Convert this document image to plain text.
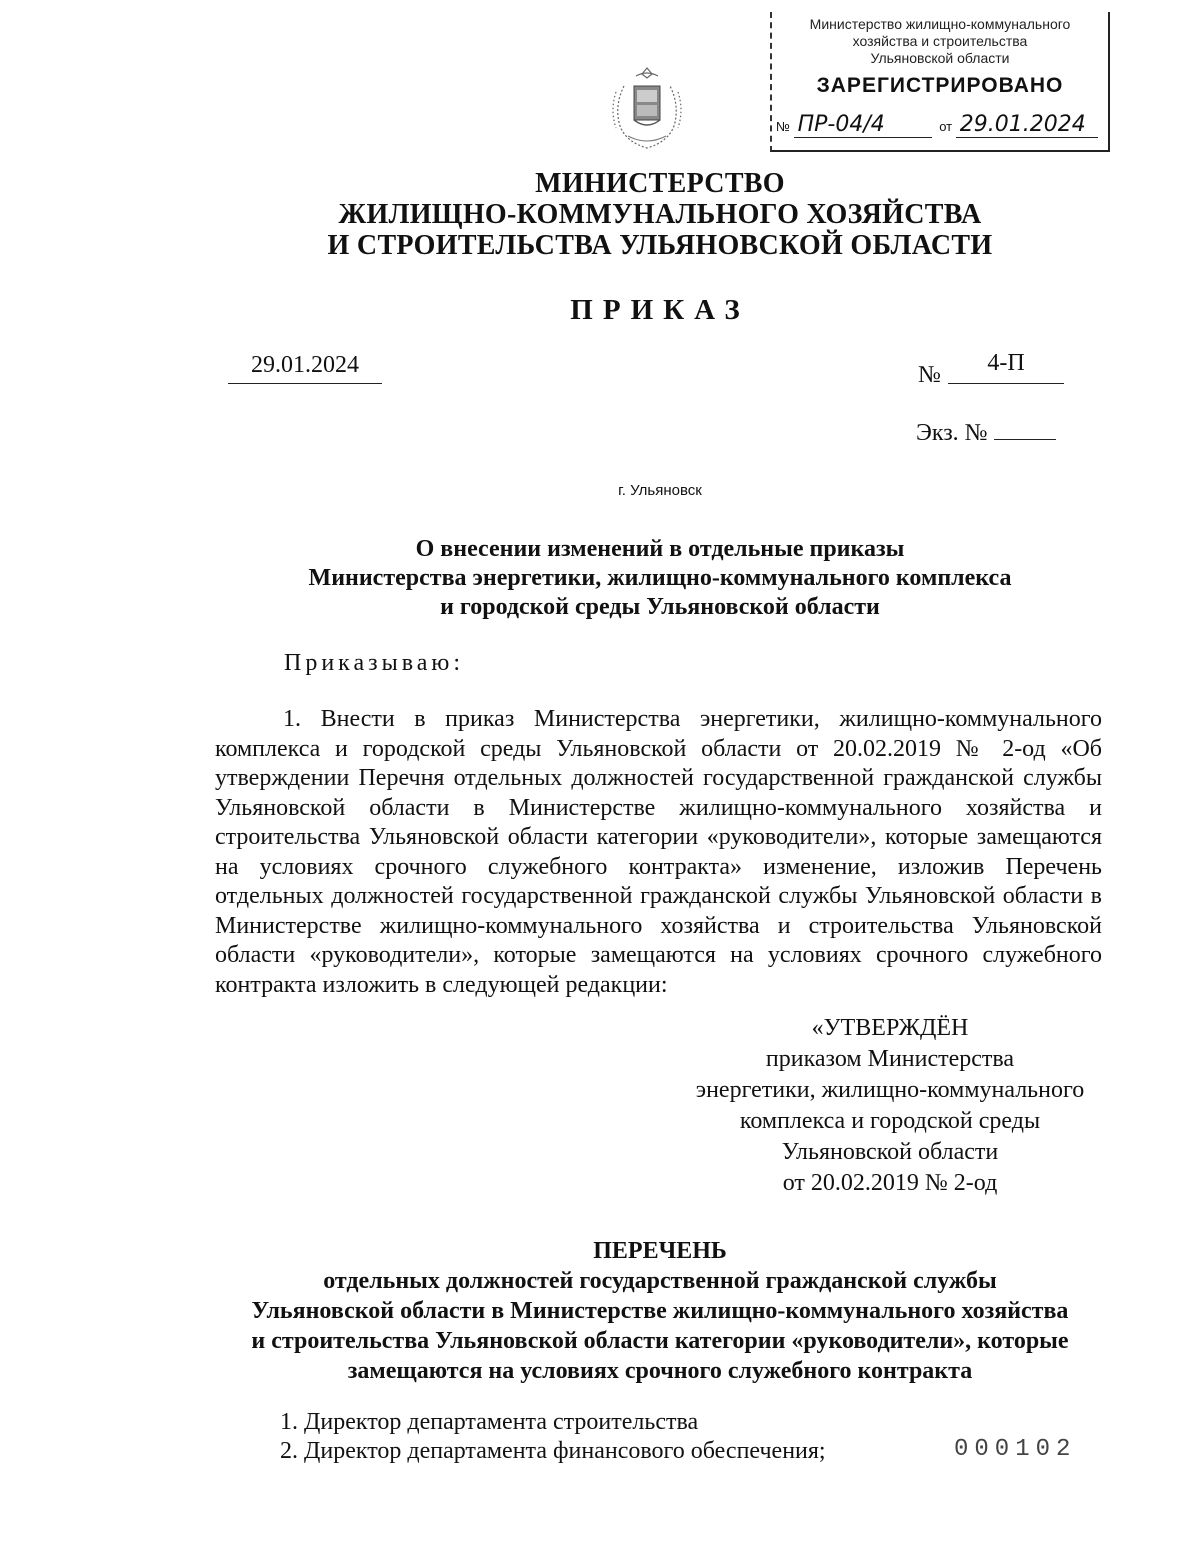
Министерство жилищно-коммунального
хозяйства и строительства
Ульяновской области
ЗАРЕГИСТРИРОВАНО
№ ПР-04/4	от 29.01.2024
МИНИСТЕРСТВО
ЖИЛИЩНО-КОММУНАЛЬНОГО ХОЗЯЙСТВА
И СТРОИТЕЛЬСТВА УЛЬЯНОВСКОЙ ОБЛАСТИ
ПРИКАЗ
29.01.2024	№	4-П
Экз. №
г. Ульяновск
О внесении изменений в отдельные приказы
Министерства энергетики, жилищно-коммунального комплекса
и городской среды Ульяновской области
Приказываю:

1. Внести в приказ Министерства энергетики, жилищно-коммунального комплекса и городской среды Ульяновской области от 20.02.2019 № 2-од «Об утверждении Перечня отдельных должностей государственной гражданской службы Ульяновской области в Министерстве жилищно-коммунального хозяйства и строительства Ульяновской области категории «руководители», которые замещаются на условиях срочного служебного контракта» изменение, изложив Перечень отдельных должностей государственной гражданской службы Ульяновской области в Министерстве жилищно-коммунального хозяйства и строительства Ульяновской области «руководители», которые замещаются на условиях срочного служебного контракта изложить в следующей редакции:

«УТВЕРЖДЁН
приказом Министерства
энергетики, жилищно-коммунального
комплекса и городской среды
Ульяновской области
от 20.02.2019 № 2-од
ПЕРЕЧЕНЬ
отдельных должностей государственной гражданской службы
Ульяновской области в Министерстве жилищно-коммунального хозяйства
и строительства Ульяновской области категории «руководители», которые
замещаются на условиях срочного служебного контракта
1. Директор департамента строительства
2. Директор департамента финансового обеспечения;	000102
